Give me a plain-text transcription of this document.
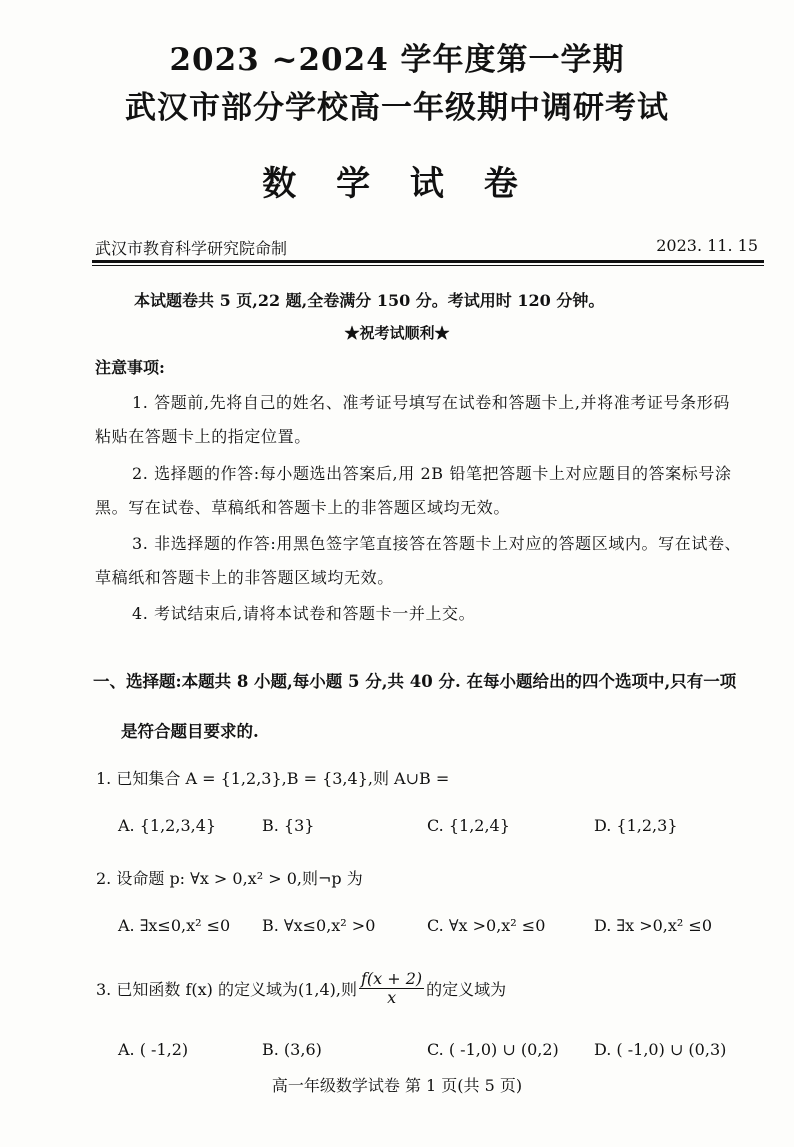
2023 ~2024 学年度第一学期
武汉市部分学校高一年级期中调研考试
数 学 试 卷
武汉市教育科学研究院命制	2023. 11. 15
本试题卷共 5 页,22 题,全卷满分 150 分。考试用时 120 分钟。
★祝考试顺利★
注意事项:
1. 答题前,先将自己的姓名、准考证号填写在试卷和答题卡上,并将准考证号条形码
粘贴在答题卡上的指定位置。
2. 选择题的作答:每小题选出答案后,用 2B 铅笔把答题卡上对应题目的答案标号涂
黑。写在试卷、草稿纸和答题卡上的非答题区域均无效。
3. 非选择题的作答:用黑色签字笔直接答在答题卡上对应的答题区域内。写在试卷、
草稿纸和答题卡上的非答题区域均无效。
4. 考试结束后,请将本试卷和答题卡一并上交。
一、选择题:本题共 8 小题,每小题 5 分,共 40 分. 在每小题给出的四个选项中,只有一项
是符合题目要求的.
1. 已知集合 A = {1,2,3},B = {3,4},则 A∪B =
A. {1,2,3,4}	B. {3}	C. {1,2,4}	D. {1,2,3}
2. 设命题 p: ∀x > 0,x² > 0,则¬p 为
A. ∃x≤0,x² ≤0 B. ∀x≤0,x² >0	C. ∀x >0,x² ≤0	D. ∃x >0,x² ≤0
3. 已知函数 f(x) 的定义域为(1,4),则 $\frac{f(x + 2)}{x}$ 的定义域为
A. ( -1,2)	B. (3,6)	C. ( -1,0) ∪ (0,2) D. ( -1,0) ∪ (0,3)
高一年级数学试卷 第 1 页(共 5 页)
